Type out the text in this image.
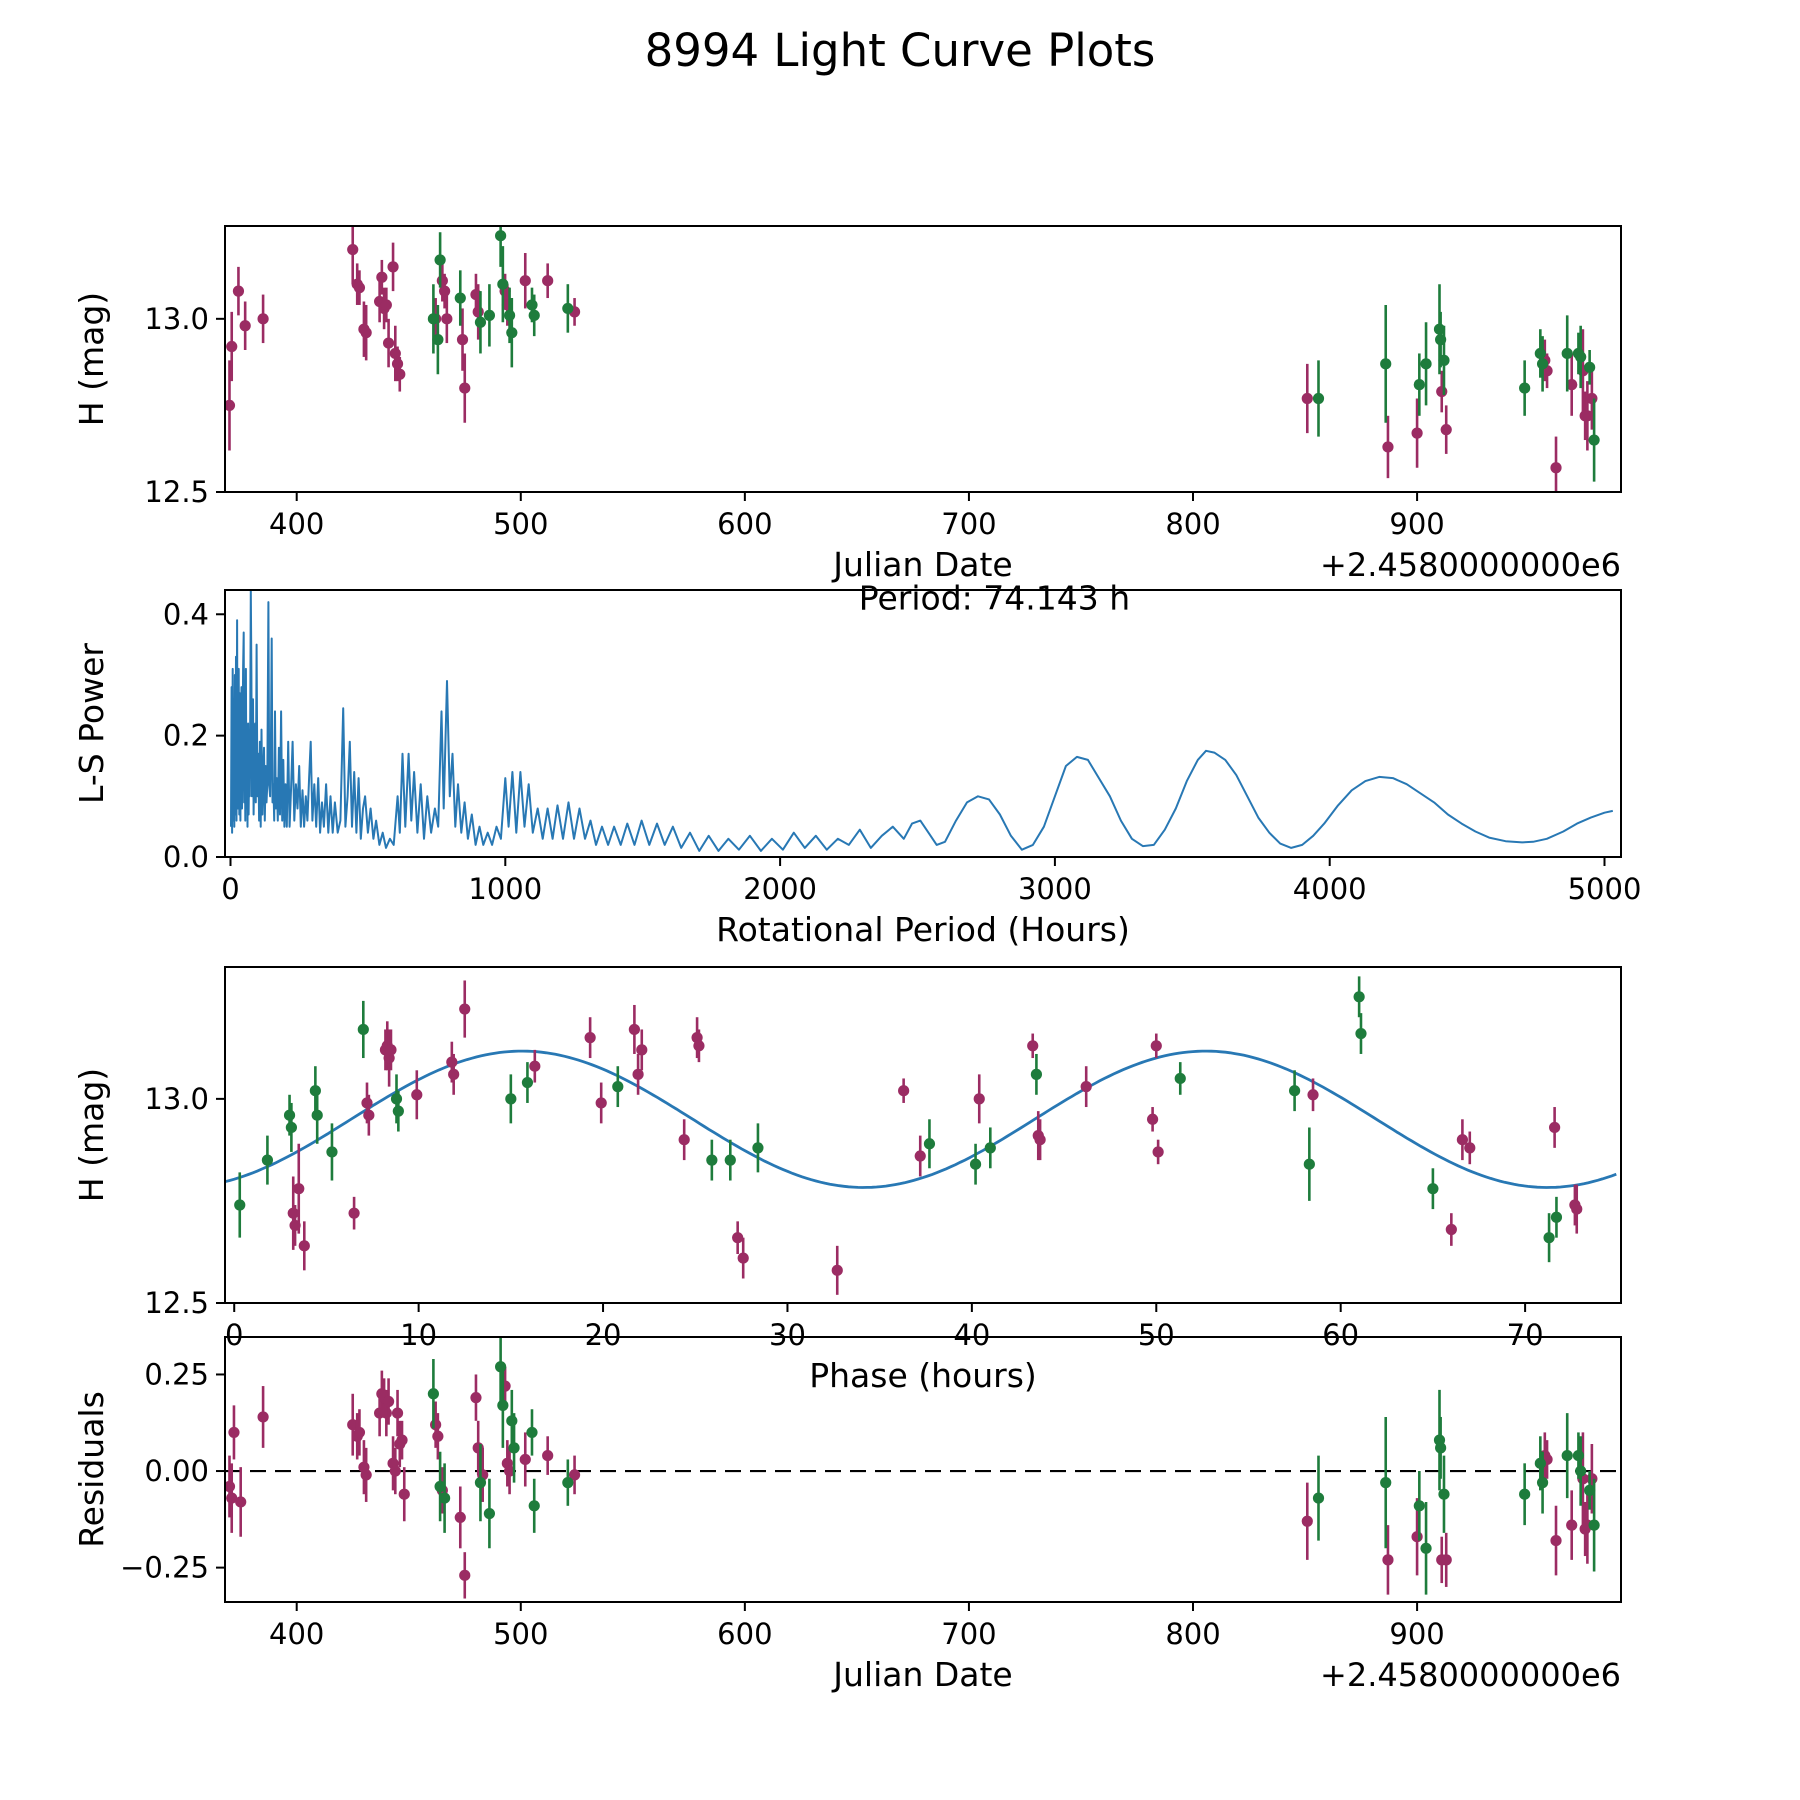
8994 Light Curve Plots
400	500	600	700	800	900
12.5
13.0
Julian Date	+2.4580000000e6
H (mag)
Period: 74.143 h
0	1000	2000	3000	4000	5000
0.0
0.2
0.4
Rotational Period (Hours)
L-S Power
0	10	20	30	40	50	60	70
12.5
13.0
Phase (hours)
H (mag)
400	500	600	700	800	900
−0.25
0.00
0.25
Julian Date	+2.4580000000e6
Residuals
